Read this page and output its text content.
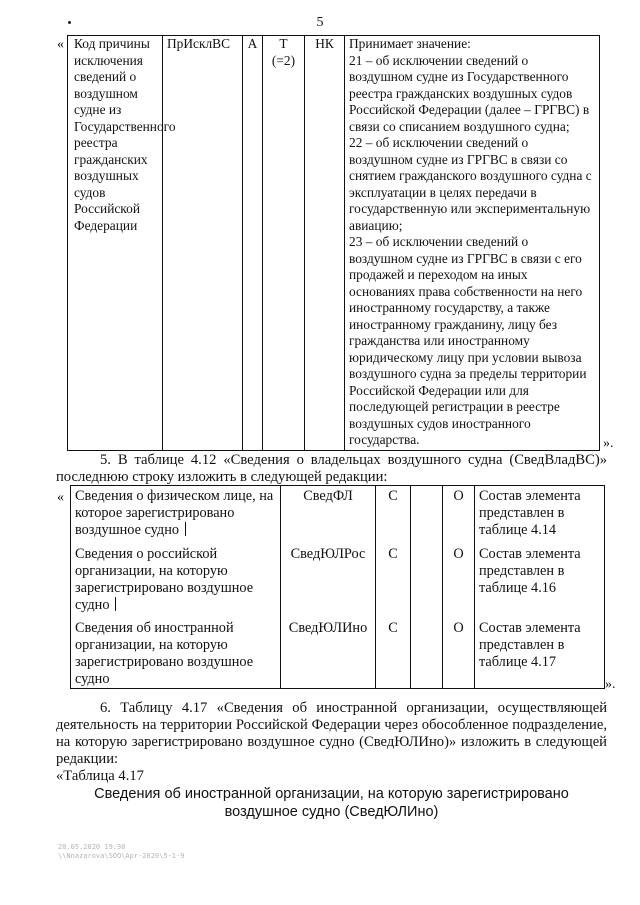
5
« Код причины исключения сведений о воздушном судне из Государственного реестра гражданских воздушных судов Российской Федерации	ПрИсклВС	А	Т (=2)	НК	Принимает значение:
21 – об исключении сведений о воздушном судне из Государственного реестра гражданских воздушных судов Российской Федерации (далее – ГРГВС) в связи со списанием воздушного судна;
22 – об исключении сведений о воздушном судне из ГРГВС в связи со снятием гражданского воздушного судна с эксплуатации в целях передачи в государственную или экспериментальную авиацию;
23 – об исключении сведений о воздушном судне из ГРГВС в связи с его продажей и переходом на иных основаниях права собственности на него иностранному государству, а также иностранному гражданину, лицу без гражданства или иностранному юридическому лицу при условии вывоза воздушного судна за пределы территории Российской Федерации или для последующей регистрации в реестре воздушных судов иностранного государства.	».

5. В таблице 4.12 «Сведения о владельцах воздушного судна (СведВладВС)» последнюю строку изложить в следующей редакции:

« Сведения о физическом лице, на которое зарегистрировано воздушное судно	СведФЛ	С		О	Состав элемента представлен в таблице 4.14
Сведения о российской организации, на которую зарегистрировано воздушное судно	СведЮЛРос	С		О	Состав элемента представлен в таблице 4.16
Сведения об иностранной организации, на которую зарегистрировано воздушное судно	СведЮЛИно	С		О	Состав элемента представлен в таблице 4.17
».

6. Таблицу 4.17 «Сведения об иностранной организации, осуществляющей деятельность на территории Российской Федерации через обособленное подразделение, на которую зарегистрировано воздушное судно (СведЮЛИно)» изложить в следующей редакции:

«Таблица 4.17

Сведения об иностранной организации, на которую зарегистрировано воздушное судно (СведЮЛИно)
20.05.2020 19:30
\\Nnazarova\SOO\Apr-2020\5-1-9
